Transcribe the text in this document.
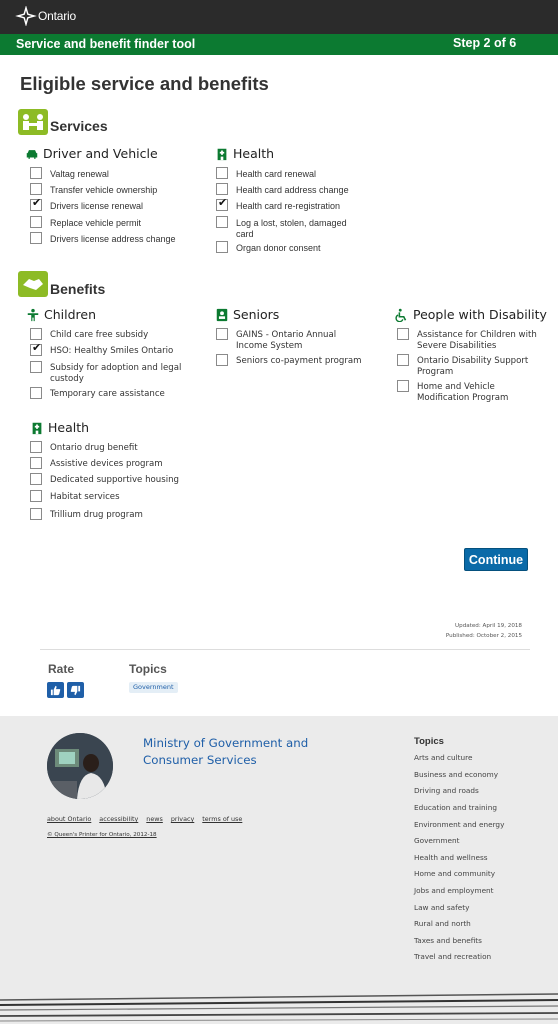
Ontario
Service and benefit finder tool	Step 2 of 6
Eligible service and benefits
Services
Driver and Vehicle	Health
Valtag renewal
Transfer vehicle ownership
✔
Drivers license renewal
Replace vehicle permit
Drivers license address change
Health card renewal
Health card address change
✔
Health card re-registration
Log a lost, stolen, damaged card
Organ donor consent
Benefits
Children	Seniors	People with Disability
Child care free subsidy
✔
HSO: Healthy Smiles Ontario
Subsidy for adoption and legal custody
Temporary care assistance
GAINS - Ontario Annual Income System
Seniors co-payment program
Assistance for Children with Severe Disabilities
Ontario Disability Support Program
Home and Vehicle Modification Program
Health
Ontario drug benefit
Assistive devices program
Dedicated supportive housing
Habitat services
Trillium drug program
Continue
Updated: April 19, 2018
Published: October 2, 2015
Rate	Topics
Government
Ministry of Government and Consumer Services
about Ontario accessibility news privacy terms of use
© Queen's Printer for Ontario, 2012-18
Topics
Arts and culture
Business and economy
Driving and roads
Education and training
Environment and energy
Government
Health and wellness
Home and community
Jobs and employment
Law and safety
Rural and north
Taxes and benefits
Travel and recreation
